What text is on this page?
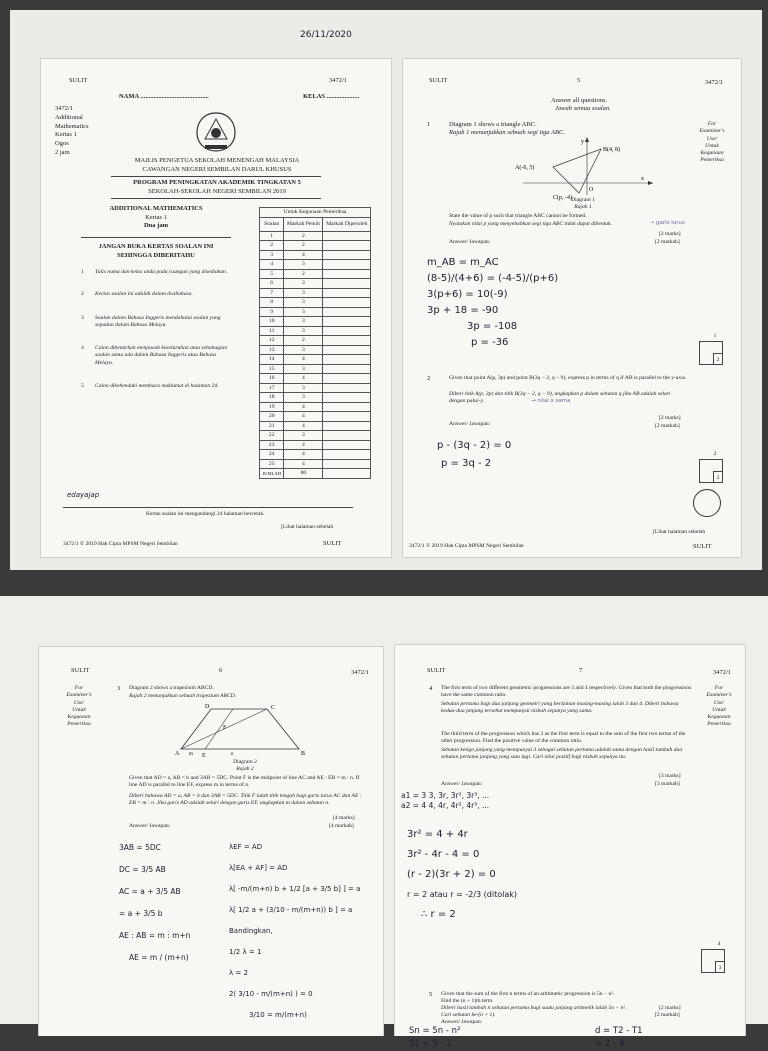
26/11/2020
SULIT	3472/1
NAMA ..........................................	KELAS ....................
3472/1
Additional
Mathematics
Kertas 1
Ogos
2 jam
MAJLIS PENGETUA SEKOLAH MENENGAH MALAYSIA
CAWANGAN NEGERI SEMBILAN DARUL KHUSUS
PROGRAM PENINGKATAN AKADEMIK TINGKATAN 5
SEKOLAH-SEKOLAH NEGERI SEMBILAN 2019
ADDITIONAL MATHEMATICS
Kertas 1
Dua jam
JANGAN BUKA KERTAS SOALAN INI
SEHINGGA DIBERITAHU
1 Tulis nama dan kelas anda pada ruangan yang disediakan.
2 Kertas soalan ini adalah dalam dwibahasa.
3 Soalan dalam Bahasa Inggeris mendahului soalan yang sepadan dalam Bahasa Melayu.
4 Calon dibenarkan menjawab keseluruhan atau sebahagian soalan sama ada dalam Bahasa Inggeris atau Bahasa Melayu.
5 Calon dikehendaki membaca maklumat di halaman 24.
Untuk Kegunaan Pemeriksa		
Soalan	Markah Penuh	Markah Diperoleh
1	2	
2	2	
3	4	
4	3	
5	2	
6	3	
7	3	
8	3	
9	3	
10	3	
11	3	
12	2	
13	3	
14	4	
15	3	
16	4	
17	3	
18	3	
19	4	
20	4	
21	4	
22	3	
23	4	
24	4	
25	4	
JUMLAH	80	
edayajap
Kertas soalan ini mengandungi 24 halaman bercetak.
[Lihat halaman sebelah
3472/1 © 2019 Hak Cipta MPSM Negeri Sembilan	SULIT
SULIT	5	3472/1
Answer all questions.
Jawab semua soalan.
For
Examiner's
Use/
Untuk
Kegunaan
Pemeriksa
1	Diagram 1 shows a triangle ABC.
Rajah 1 menunjukkan sebuah segi tiga ABC.
x
y
B(4, 8)
A(-6, 5)
C(p, -4)
O
Diagram 1
Rajah 1
State the value of p such that triangle ABC cannot be formed.
Nyatakan nilai p yang menyebabkan segi tiga ABC tidak dapat dibentuk.	• garis lurus
[2 marks]
[2 markah]
Answer/ Jawapan:
m_AB = m_AC
(8-5)/(4+6) = (-4-5)/(p+6)
3(p+6) = 10(-9)
3p + 18 = -90
3p = -108
p = -36
1
2
2	Given that point A(p, 3p) and point B(3q − 2, q − 9), express p in terms of q if AB is parallel to the y-axis.
Diberi titik A(p, 3p) dan titik B(3q − 2, q − 9), ungkapkan p dalam sebutan q jika AB adalah selari dengan paksi-y.	→ nilai x sama
[2 marks]
[2 markah]
Answer/ Jawapan:
p - (3q - 2) = 0
p = 3q - 2
2
2
[Lihat halaman sebelah
3472/1 © 2019 Hak Cipta MPSM Negeri Sembilan	SULIT
SULIT	6	3472/1
For
Examiner's
Use/
Untuk
Kegunaan
Pemeriksa
3 Diagram 2 shows a trapezium ABCD.
Rajah 2 menunjukkan sebuah trapezium ABCD.
A	B
C
D
E
F
m	n
Diagram 2
Rajah 2
Given that AD = a, AB = b and 3AB = 5DC. Point F is the midpoint of line AC and AE : EB = m : n. If line AD is parallel to line EF, express m in terms of n.
Diberi bahawa AD = a, AB = b dan 3AB = 5DC. Titik F ialah titik tengah bagi garis lurus AC dan AE : EB = m : n. Jika garis AD adalah selari dengan garis EF, ungkapkan m dalam sebutan n.
[4 marks]
[4 markah]
Answer/ Jawapan:
3AB = 5DC
DC = 3/5 AB
AC = a + 3/5 AB
= a + 3/5 b
AE : AB = m : m+n
AE = m / (m+n)
λEF = AD
λ[EA + AF] = AD
λ[ -m/(m+n) b + 1/2 [a + 3/5 b] ] = a
λ[ 1/2 a + (3/10 - m/(m+n)) b ] = a
Bandingkan,
1/2 λ = 1
λ = 2
2( 3/10 - m/(m+n) ) = 0
3/10 = m/(m+n)
SULIT	7	3472/1
For
Examiner's
Use/
Untuk
Kegunaan
Pemeriksa
4 The first term of two different geometric progressions are 3 and 4 respectively. Given that both the progressions have the same common ratio.
Sebutan pertama bagi dua janjang geometri yang berlainan masing-masing ialah 3 dan 4. Diberi bahawa kedua-dua janjang tersebut mempunyai nisbah sepunya yang sama.
The third term of the progression which has 3 as the first term is equal to the sum of the first two terms of the other progression. Find the positive value of the common ratio.
Sebutan ketiga janjang yang mempunyai 3 sebagai sebutan pertama adalah sama dengan hasil tambah dua sebutan pertama janjang yang satu lagi. Cari nilai positif bagi nisbah sepunya itu.
[3 marks]
[3 markah]
Answer/ Jawapan:
a1 = 3 3, 3r, 3r², 3r³, ...
a2 = 4 4, 4r, 4r², 4r³, ...
3r² = 4 + 4r
3r² - 4r - 4 = 0
(r - 2)(3r + 2) = 0
r = 2 atau r = -2/3 (ditolak)
∴ r = 2
4
3
5 Given that the sum of the first n terms of an arithmetic progression is 5n − n².
Find the (n + 1)th term.
Diberi hasil tambah n sebutan pertama bagi suatu janjang aritmetik ialah 5n − n².
Cari sebutan ke-(n + 1).
[2 marks]
[2 markah]
Answer/ Jawapan:
Sn = 5n - n²
S1 = 5 - 1
d = T2 - T1
= 2 - 4
